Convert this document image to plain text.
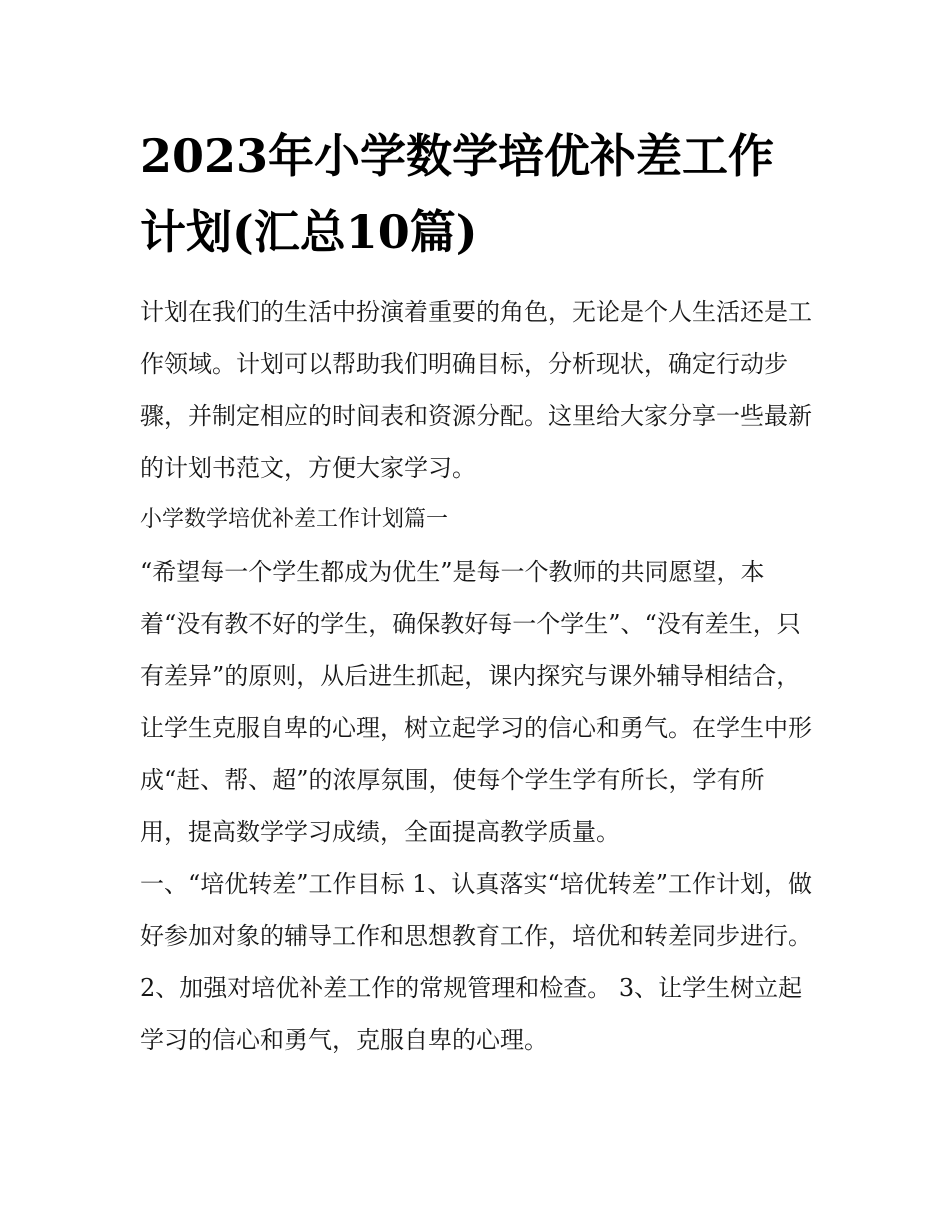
2023年小学数学培优补差工作计划(汇总10篇)

计划在我们的生活中扮演着重要的角色，无论是个人生活还是工作领域。计划可以帮助我们明确目标，分析现状，确定行动步骤，并制定相应的时间表和资源分配。这里给大家分享一些最新的计划书范文，方便大家学习。

小学数学培优补差工作计划篇一

“希望每一个学生都成为优生”是每一个教师的共同愿望，本着“没有教不好的学生，确保教好每一个学生”、“没有差生，只有差异”的原则，从后进生抓起，课内探究与课外辅导相结合，让学生克服自卑的心理，树立起学习的信心和勇气。在学生中形成“赶、帮、超”的浓厚氛围，使每个学生学有所长，学有所用，提高数学学习成绩，全面提高教学质量。

一、“培优转差”工作目标 1、认真落实“培优转差”工作计划，做好参加对象的辅导工作和思想教育工作，培优和转差同步进行。

2、加强对培优补差工作的常规管理和检查。 3、让学生树立起学习的信心和勇气，克服自卑的心理。
